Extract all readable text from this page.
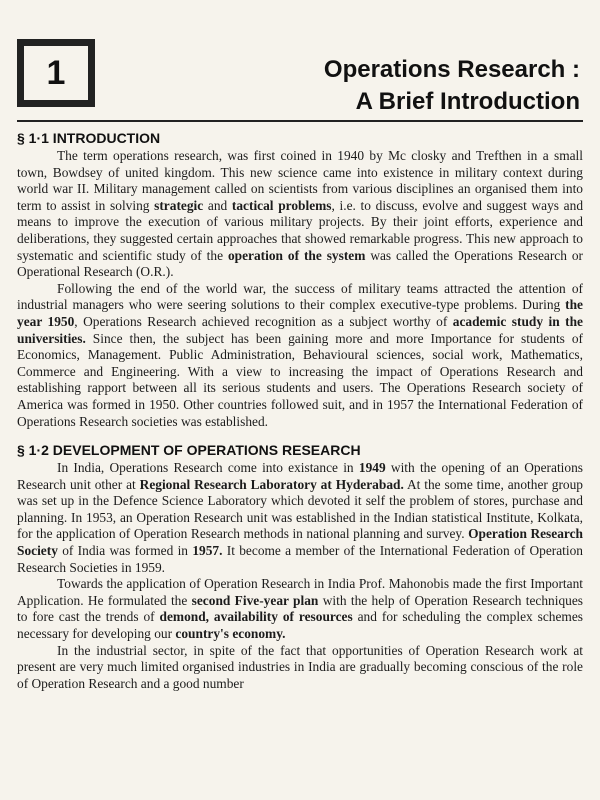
1	Operations Research :
A Brief Introduction
§ 1·1 INTRODUCTION

The term operations research, was first coined in 1940 by Mc closky and Trefthen in a small town, Bowdsey of united kingdom. This new science came into existence in military context during world war II. Military management called on scientists from various disciplines an organised them into term to assist in solving strategic and tactical problems, i.e. to discuss, evolve and suggest ways and means to improve the execution of various military projects. By their joint efforts, experience and deliberations, they suggested certain approaches that showed remarkable progress. This new approach to systematic and scientific study of the operation of the system was called the Operations Research or Operational Research (O.R.).

Following the end of the world war, the success of military teams attracted the attention of industrial managers who were seering solutions to their complex executive-type problems. During the year 1950, Operations Research achieved recognition as a subject worthy of academic study in the universities. Since then, the subject has been gaining more and more Importance for students of Economics, Management. Public Administration, Behavioural sciences, social work, Mathematics, Commerce and Engineering. With a view to increasing the impact of Operations Research and establishing rapport between all its serious students and users. The Operations Research society of America was formed in 1950. Other countries followed suit, and in 1957 the International Federation of Operations Research societies was established.

§ 1·2 DEVELOPMENT OF OPERATIONS RESEARCH

In India, Operations Research come into existance in 1949 with the opening of an Operations Research unit other at Regional Research Laboratory at Hyderabad. At the some time, another group was set up in the Defence Science Laboratory which devoted it self the problem of stores, purchase and planning. In 1953, an Operation Research unit was established in the Indian statistical Institute, Kolkata, for the application of Operation Research methods in national planning and survey. Operation Research Society of India was formed in 1957. It become a member of the International Federation of Operation Research Societies in 1959.

Towards the application of Operation Research in India Prof. Mahonobis made the first Important Application. He formulated the second Five-year plan with the help of Operation Research techniques to fore cast the trends of demond, availability of resources and for scheduling the complex schemes necessary for developing our country's economy.

In the industrial sector, in spite of the fact that opportunities of Operation Research work at present are very much limited organised industries in India are gradually becoming conscious of the role of Operation Research and a good number
